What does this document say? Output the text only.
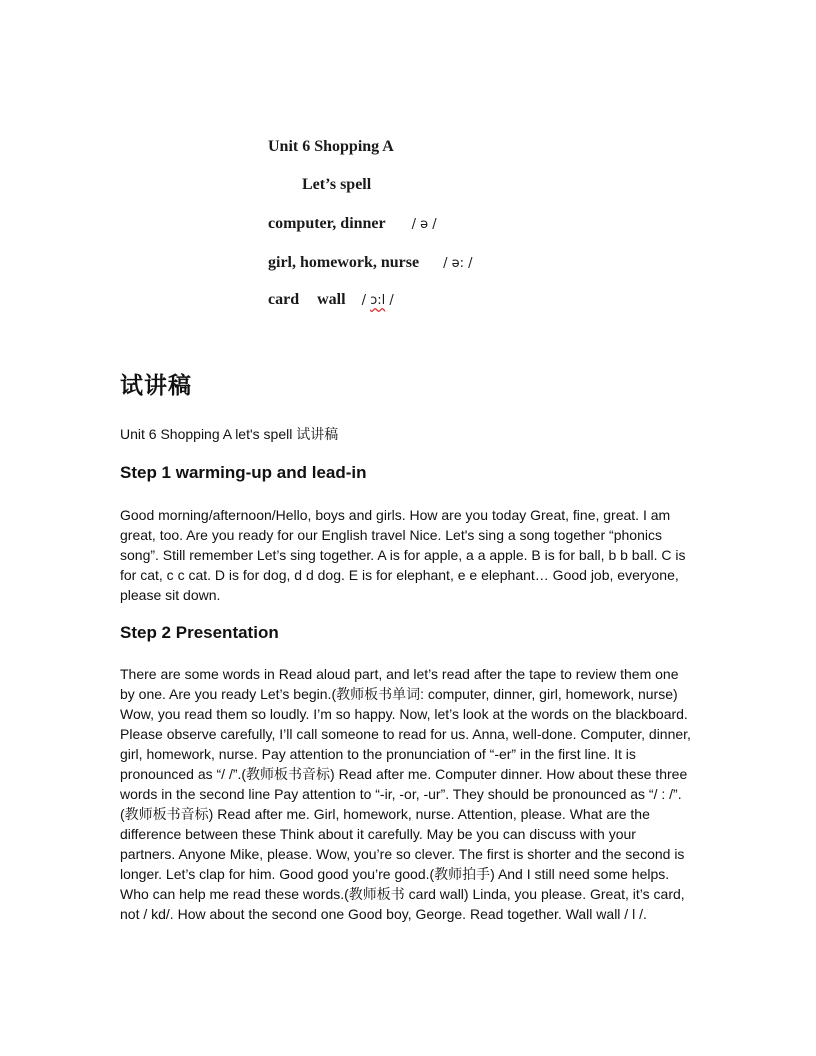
Unit 6 Shopping A
Let’s spell
computer, dinner / ə /
girl, homework, nurse / ə: /
card wall / ɔ:l /
试讲稿
Unit 6 Shopping A let's spell 试讲稿
Step 1 warming-up and lead-in
Good morning/afternoon/Hello, boys and girls. How are you today Great, fine, great. I am great, too. Are you ready for our English travel Nice. Let's sing a song together “phonics song”. Still remember Let’s sing together. A is for apple, a a apple. B is for ball, b b ball. C is for cat, c c cat. D is for dog, d d dog. E is for elephant, e e elephant… Good job, everyone, please sit down.
Step 2 Presentation
There are some words in Read aloud part, and let’s read after the tape to review them one by one. Are you ready Let’s begin.(教师板书单词: computer, dinner, girl, homework, nurse) Wow, you read them so loudly. I’m so happy. Now, let’s look at the words on the blackboard. Please observe carefully, I’ll call someone to read for us. Anna, well-done. Computer, dinner, girl, homework, nurse. Pay attention to the pronunciation of “-er” in the first line. It is pronounced as “/ /”.(教师板书音标) Read after me. Computer dinner. How about these three words in the second line Pay attention to “-ir, -or, -ur”. They should be pronounced as “/ : /”. (教师板书音标) Read after me. Girl, homework, nurse. Attention, please. What are the difference between these Think about it carefully. May be you can discuss with your partners. Anyone Mike, please. Wow, you’re so clever. The first is shorter and the second is longer. Let’s clap for him. Good good you’re good.(教师拍手) And I still need some helps. Who can help me read these words.(教师板书 card wall) Linda, you please. Great, it’s card, not / kd/. How about the second one Good boy, George. Read together. Wall wall / l /.
